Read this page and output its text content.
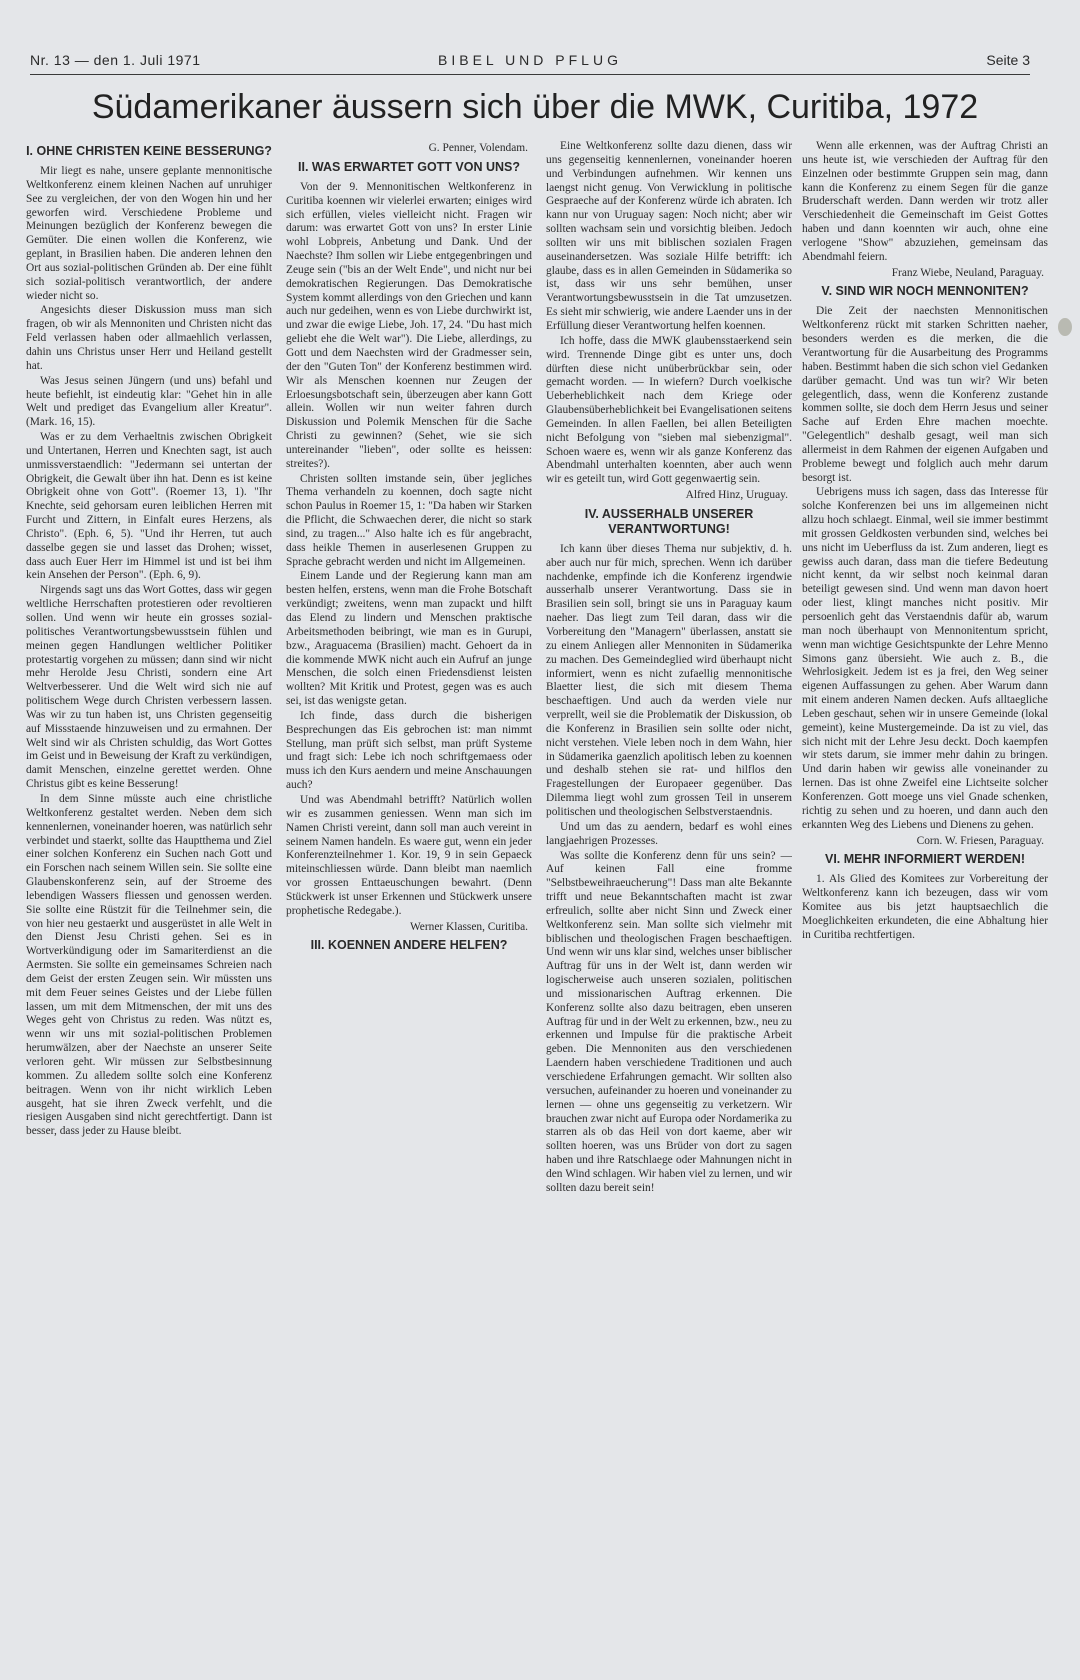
Nr. 13 — den 1. Juli 1971	BIBEL UND PFLUG	Seite 3
Südamerikaner äussern sich über die MWK, Curitiba, 1972
I. OHNE CHRISTEN KEINE BESSERUNG?

Mir liegt es nahe, unsere geplante mennonitische Weltkonferenz einem kleinen Nachen auf unruhiger See zu vergleichen, der von den Wogen hin und her geworfen wird. Verschiedene Probleme und Meinungen bezüglich der Konferenz bewegen die Gemüter. Die einen wollen die Konferenz, wie geplant, in Brasilien haben. Die anderen lehnen den Ort aus sozial-politischen Gründen ab. Der eine fühlt sich sozial-politisch verantwortlich, der andere wieder nicht so.

Angesichts dieser Diskussion muss man sich fragen, ob wir als Mennoniten und Christen nicht das Feld verlassen haben oder allmaehlich verlassen, dahin uns Christus unser Herr und Heiland gestellt hat.

Was Jesus seinen Jüngern (und uns) befahl und heute befiehlt, ist eindeutig klar: "Gehet hin in alle Welt und prediget das Evangelium aller Kreatur". (Mark. 16, 15).

Was er zu dem Verhaeltnis zwischen Obrigkeit und Untertanen, Herren und Knechten sagt, ist auch unmissverstaendlich: "Jedermann sei untertan der Obrigkeit, die Gewalt über ihn hat. Denn es ist keine Obrigkeit ohne von Gott". (Roemer 13, 1). "Ihr Knechte, seid gehorsam euren leiblichen Herren mit Furcht und Zittern, in Einfalt eures Herzens, als Christo". (Eph. 6, 5). "Und ihr Herren, tut auch dasselbe gegen sie und lasset das Drohen; wisset, dass auch Euer Herr im Himmel ist und ist bei ihm kein Ansehen der Person". (Eph. 6, 9).

Nirgends sagt uns das Wort Gottes, dass wir gegen weltliche Herrschaften protestieren oder revoltieren sollen. Und wenn wir heute ein grosses sozial-politisches Verantwortungsbewusstsein fühlen und meinen gegen Handlungen weltlicher Politiker protestartig vorgehen zu müssen; dann sind wir nicht mehr Herolde Jesu Christi, sondern eine Art Weltverbesserer. Und die Welt wird sich nie auf politischem Wege durch Christen verbessern lassen. Was wir zu tun haben ist, uns Christen gegenseitig auf Missstaende hinzuweisen und zu ermahnen. Der Welt sind wir als Christen schuldig, das Wort Gottes im Geist und in Beweisung der Kraft zu verkündigen, damit Menschen, einzelne gerettet werden. Ohne Christus gibt es keine Besserung!

In dem Sinne müsste auch eine christliche Weltkonferenz gestaltet werden. Neben dem sich kennenlernen, voneinander hoeren, was natürlich sehr verbindet und staerkt, sollte das Hauptthema und Ziel einer solchen Konferenz ein Suchen nach Gott und ein Forschen nach seinem Willen sein. Sie sollte eine Glaubenskonferenz sein, auf der Stroeme des lebendigen Wassers fliessen und genossen werden. Sie sollte eine Rüstzit für die Teilnehmer sein, die von hier neu gestaerkt und ausgerüstet in alle Welt in den Dienst Jesu Christi gehen. Sei es in Wortverkündigung oder im Samariterdienst an die Aermsten. Sie sollte ein gemeinsames Schreien nach dem Geist der ersten Zeugen sein. Wir müssten uns mit dem Feuer seines Geistes und der Liebe füllen lassen, um mit dem Mitmenschen, der mit uns des Weges geht von Christus zu reden. Was nützt es, wenn wir uns mit sozial-politischen Problemen herumwälzen, aber der Naechste an unserer Seite verloren geht. Wir müssen zur Selbstbesinnung kommen. Zu alledem sollte solch eine Konferenz beitragen. Wenn von ihr nicht wirklich Leben ausgeht, hat sie ihren Zweck verfehlt, und die riesigen Ausgaben sind nicht gerechtfertigt. Dann ist besser, dass jeder zu Hause bleibt.

G. Penner, Volendam.

II. WAS ERWARTET GOTT VON UNS?

Von der 9. Mennonitischen Weltkonferenz in Curitiba koennen wir vielerlei erwarten; einiges wird sich erfüllen, vieles vielleicht nicht. Fragen wir darum: was erwartet Gott von uns? In erster Linie wohl Lobpreis, Anbetung und Dank. Und der Naechste? Ihm sollen wir Liebe entgegenbringen und Zeuge sein ("bis an der Welt Ende", und nicht nur bei demokratischen Regierungen. Das Demokratische System kommt allerdings von den Griechen und kann auch nur gedeihen, wenn es von Liebe durchwirkt ist, und zwar die ewige Liebe, Joh. 17, 24. "Du hast mich geliebt ehe die Welt war"). Die Liebe, allerdings, zu Gott und dem Naechsten wird der Gradmesser sein, der den "Guten Ton" der Konferenz bestimmen wird. Wir als Menschen koennen nur Zeugen der Erloesungsbotschaft sein, überzeugen aber kann Gott allein. Wollen wir nun weiter fahren durch Diskussion und Polemik Menschen für die Sache Christi zu gewinnen? (Sehet, wie sie sich untereinander "lieben", oder sollte es heissen: streites?).

Christen sollten imstande sein, über jegliches Thema verhandeln zu koennen, doch sagte nicht schon Paulus in Roemer 15, 1: "Da haben wir Starken die Pflicht, die Schwaechen derer, die nicht so stark sind, zu tragen..." Also halte ich es für angebracht, dass heikle Themen in auserlesenen Gruppen zu Sprache gebracht werden und nicht im Allgemeinen.

Einem Lande und der Regierung kann man am besten helfen, erstens, wenn man die Frohe Botschaft verkündigt; zweitens, wenn man zupackt und hilft das Elend zu lindern und Menschen praktische Arbeitsmethoden beibringt, wie man es in Gurupi, bzw., Araguacema (Brasilien) macht. Gehoert da in die kommende MWK nicht auch ein Aufruf an junge Menschen, die solch einen Friedensdienst leisten wollten? Mit Kritik und Protest, gegen was es auch sei, ist das wenigste getan.

Ich finde, dass durch die bisherigen Besprechungen das Eis gebrochen ist: man nimmt Stellung, man prüft sich selbst, man prüft Systeme und fragt sich: Lebe ich noch schriftgemaess oder muss ich den Kurs aendern und meine Anschauungen auch?

Und was Abendmahl betrifft? Natürlich wollen wir es zusammen geniessen. Wenn man sich im Namen Christi vereint, dann soll man auch vereint in seinem Namen handeln. Es waere gut, wenn ein jeder Konferenzteilnehmer 1. Kor. 19, 9 in sein Gepaeck miteinschliessen würde. Dann bleibt man naemlich vor grossen Enttaeuschungen bewahrt. (Denn Stückwerk ist unser Erkennen und Stückwerk unsere prophetische Redegabe.).

Werner Klassen, Curitiba.

III. KOENNEN ANDERE HELFEN?

Eine Weltkonferenz sollte dazu dienen, dass wir uns gegenseitig kennenlernen, voneinander hoeren und Verbindungen aufnehmen. Wir kennen uns laengst nicht genug. Von Verwicklung in politische Gespraeche auf der Konferenz würde ich abraten. Ich kann nur von Uruguay sagen: Noch nicht; aber wir sollten wachsam sein und vorsichtig bleiben. Jedoch sollten wir uns mit biblischen sozialen Fragen auseinandersetzen. Was soziale Hilfe betrifft: ich glaube, dass es in allen Gemeinden in Südamerika so ist, dass wir uns sehr bemühen, unser Verantwortungsbewusstsein in die Tat umzusetzen. Es sieht mir schwierig, wie andere Laender uns in der Erfüllung dieser Verantwortung helfen koennen.

Ich hoffe, dass die MWK glaubensstaerkend sein wird. Trennende Dinge gibt es unter uns, doch dürften diese nicht unüberbrückbar sein, oder gemacht worden. — In wiefern? Durch voelkische Ueberheblichkeit nach dem Kriege oder Glaubensüberheblichkeit bei Evangelisationen seitens Gemeinden. In allen Faellen, bei allen Beteiligten nicht Befolgung von "sieben mal siebenzigmal". Schoen waere es, wenn wir als ganze Konferenz das Abendmahl unterhalten koennten, aber auch wenn wir es geteilt tun, wird Gott gegenwaertig sein.

Alfred Hinz, Uruguay.

IV. AUSSERHALB UNSERER VERANTWORTUNG!

Ich kann über dieses Thema nur subjektiv, d. h. aber auch nur für mich, sprechen. Wenn ich darüber nachdenke, empfinde ich die Konferenz irgendwie ausserhalb unserer Verantwortung. Dass sie in Brasilien sein soll, bringt sie uns in Paraguay kaum naeher. Das liegt zum Teil daran, dass wir die Vorbereitung den "Managern" überlassen, anstatt sie zu einem Anliegen aller Mennoniten in Südamerika zu machen. Des Gemeindeglied wird überhaupt nicht informiert, wenn es nicht zufaellig mennonitische Blaetter liest, die sich mit diesem Thema beschaeftigen. Und auch da werden viele nur verprellt, weil sie die Problematik der Diskussion, ob die Konferenz in Brasilien sein sollte oder nicht, nicht verstehen. Viele leben noch in dem Wahn, hier in Südamerika gaenzlich apolitisch leben zu koennen und deshalb stehen sie rat- und hilflos den Fragestellungen der Europaeer gegenüber. Das Dilemma liegt wohl zum grossen Teil in unserem politischen und theologischen Selbstverstaendnis.

Und um das zu aendern, bedarf es wohl eines langjaehrigen Prozesses.

Was sollte die Konferenz denn für uns sein? — Auf keinen Fall eine fromme "Selbstbeweihraeucherung"! Dass man alte Bekannte trifft und neue Bekanntschaften macht ist zwar erfreulich, sollte aber nicht Sinn und Zweck einer Weltkonferenz sein. Man sollte sich vielmehr mit biblischen und theologischen Fragen beschaeftigen. Und wenn wir uns klar sind, welches unser biblischer Auftrag für uns in der Welt ist, dann werden wir logischerweise auch unseren sozialen, politischen und missionarischen Auftrag erkennen. Die Konferenz sollte also dazu beitragen, eben unseren Auftrag für und in der Welt zu erkennen, bzw., neu zu erkennen und Impulse für die praktische Arbeit geben. Die Mennoniten aus den verschiedenen Laendern haben verschiedene Traditionen und auch verschiedene Erfahrungen gemacht. Wir sollten also versuchen, aufeinander zu hoeren und voneinander zu lernen — ohne uns gegenseitig zu verketzern. Wir brauchen zwar nicht auf Europa oder Nordamerika zu starren als ob das Heil von dort kaeme, aber wir sollten hoeren, was uns Brüder von dort zu sagen haben und ihre Ratschlaege oder Mahnungen nicht in den Wind schlagen. Wir haben viel zu lernen, und wir sollten dazu bereit sein!

Wenn alle erkennen, was der Auftrag Christi an uns heute ist, wie verschieden der Auftrag für den Einzelnen oder bestimmte Gruppen sein mag, dann kann die Konferenz zu einem Segen für die ganze Bruderschaft werden. Dann werden wir trotz aller Verschiedenheit die Gemeinschaft im Geist Gottes haben und dann koennten wir auch, ohne eine verlogene "Show" abzuziehen, gemeinsam das Abendmahl feiern.

Franz Wiebe, Neuland, Paraguay.

V. SIND WIR NOCH MENNONITEN?

Die Zeit der naechsten Mennonitischen Weltkonferenz rückt mit starken Schritten naeher, besonders werden es die merken, die die Verantwortung für die Ausarbeitung des Programms haben. Bestimmt haben die sich schon viel Gedanken darüber gemacht. Und was tun wir? Wir beten gelegentlich, dass, wenn die Konferenz zustande kommen sollte, sie doch dem Herrn Jesus und seiner Sache auf Erden Ehre machen moechte. "Gelegentlich" deshalb gesagt, weil man sich allermeist in dem Rahmen der eigenen Aufgaben und Probleme bewegt und folglich auch mehr darum besorgt ist.

Uebrigens muss ich sagen, dass das Interesse für solche Konferenzen bei uns im allgemeinen nicht allzu hoch schlaegt. Einmal, weil sie immer bestimmt mit grossen Geldkosten verbunden sind, welches bei uns nicht im Ueberfluss da ist. Zum anderen, liegt es gewiss auch daran, dass man die tiefere Bedeutung nicht kennt, da wir selbst noch keinmal daran beteiligt gewesen sind. Und wenn man davon hoert oder liest, klingt manches nicht positiv. Mir persoenlich geht das Verstaendnis dafür ab, warum man noch überhaupt von Mennonitentum spricht, wenn man wichtige Gesichtspunkte der Lehre Menno Simons ganz übersieht. Wie auch z. B., die Wehrlosigkeit. Jedem ist es ja frei, den Weg seiner eigenen Auffassungen zu gehen. Aber Warum dann mit einem anderen Namen decken. Aufs alltaegliche Leben geschaut, sehen wir in unsere Gemeinde (lokal gemeint), keine Mustergemeinde. Da ist zu viel, das sich nicht mit der Lehre Jesu deckt. Doch kaempfen wir stets darum, sie immer mehr dahin zu bringen. Und darin haben wir gewiss alle voneinander zu lernen. Das ist ohne Zweifel eine Lichtseite solcher Konferenzen. Gott moege uns viel Gnade schenken, richtig zu sehen und zu hoeren, und dann auch den erkannten Weg des Liebens und Dienens zu gehen.

Corn. W. Friesen, Paraguay.

VI. MEHR INFORMIERT WERDEN!

1. Als Glied des Komitees zur Vorbereitung der Weltkonferenz kann ich bezeugen, dass wir vom Komitee aus bis jetzt hauptsaechlich die Moeglichkeiten erkundeten, die eine Abhaltung hier in Curitiba rechtfertigen.
